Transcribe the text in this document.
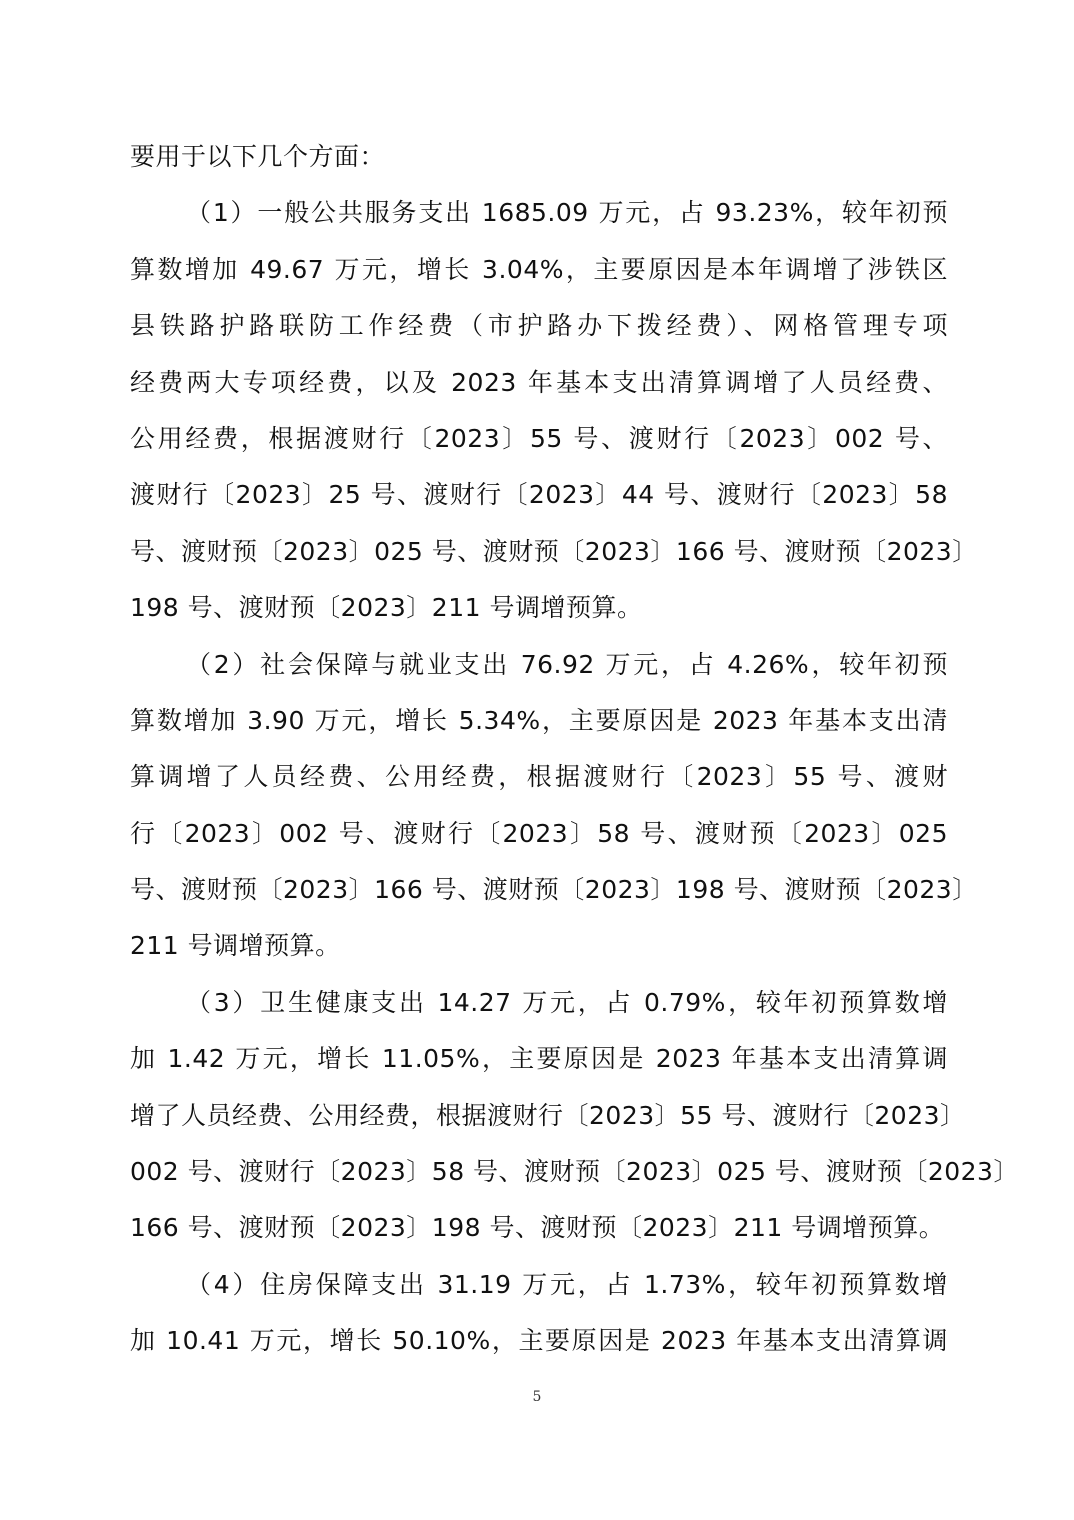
要用于以下几个方面：
（1）一般公共服务支出 1685.09 万元，占 93.23%，较年初预
算数增加 49.67 万元，增长 3.04%，主要原因是本年调增了涉铁区
县铁路护路联防工作经费（市护路办下拨经费）、网格管理专项
经费两大专项经费，以及 2023 年基本支出清算调增了人员经费、
公用经费，根据渡财行〔2023〕55 号、渡财行〔2023〕002 号、
渡财行〔2023〕25 号、渡财行〔2023〕44 号、渡财行〔2023〕58
号、渡财预〔2023〕025 号、渡财预〔2023〕166 号、渡财预〔2023〕
198 号、渡财预〔2023〕211 号调增预算。
（2）社会保障与就业支出 76.92 万元，占 4.26%，较年初预
算数增加 3.90 万元，增长 5.34%，主要原因是 2023 年基本支出清
算调增了人员经费、公用经费，根据渡财行〔2023〕55 号、渡财
行〔2023〕002 号、渡财行〔2023〕58 号、渡财预〔2023〕025
号、渡财预〔2023〕166 号、渡财预〔2023〕198 号、渡财预〔2023〕
211 号调增预算。
（3）卫生健康支出 14.27 万元，占 0.79%，较年初预算数增
加 1.42 万元，增长 11.05%，主要原因是 2023 年基本支出清算调
增了人员经费、公用经费，根据渡财行〔2023〕55 号、渡财行〔2023〕
002 号、渡财行〔2023〕58 号、渡财预〔2023〕025 号、渡财预〔2023〕
166 号、渡财预〔2023〕198 号、渡财预〔2023〕211 号调增预算。
（4）住房保障支出 31.19 万元，占 1.73%，较年初预算数增
加 10.41 万元，增长 50.10%，主要原因是 2023 年基本支出清算调
5
